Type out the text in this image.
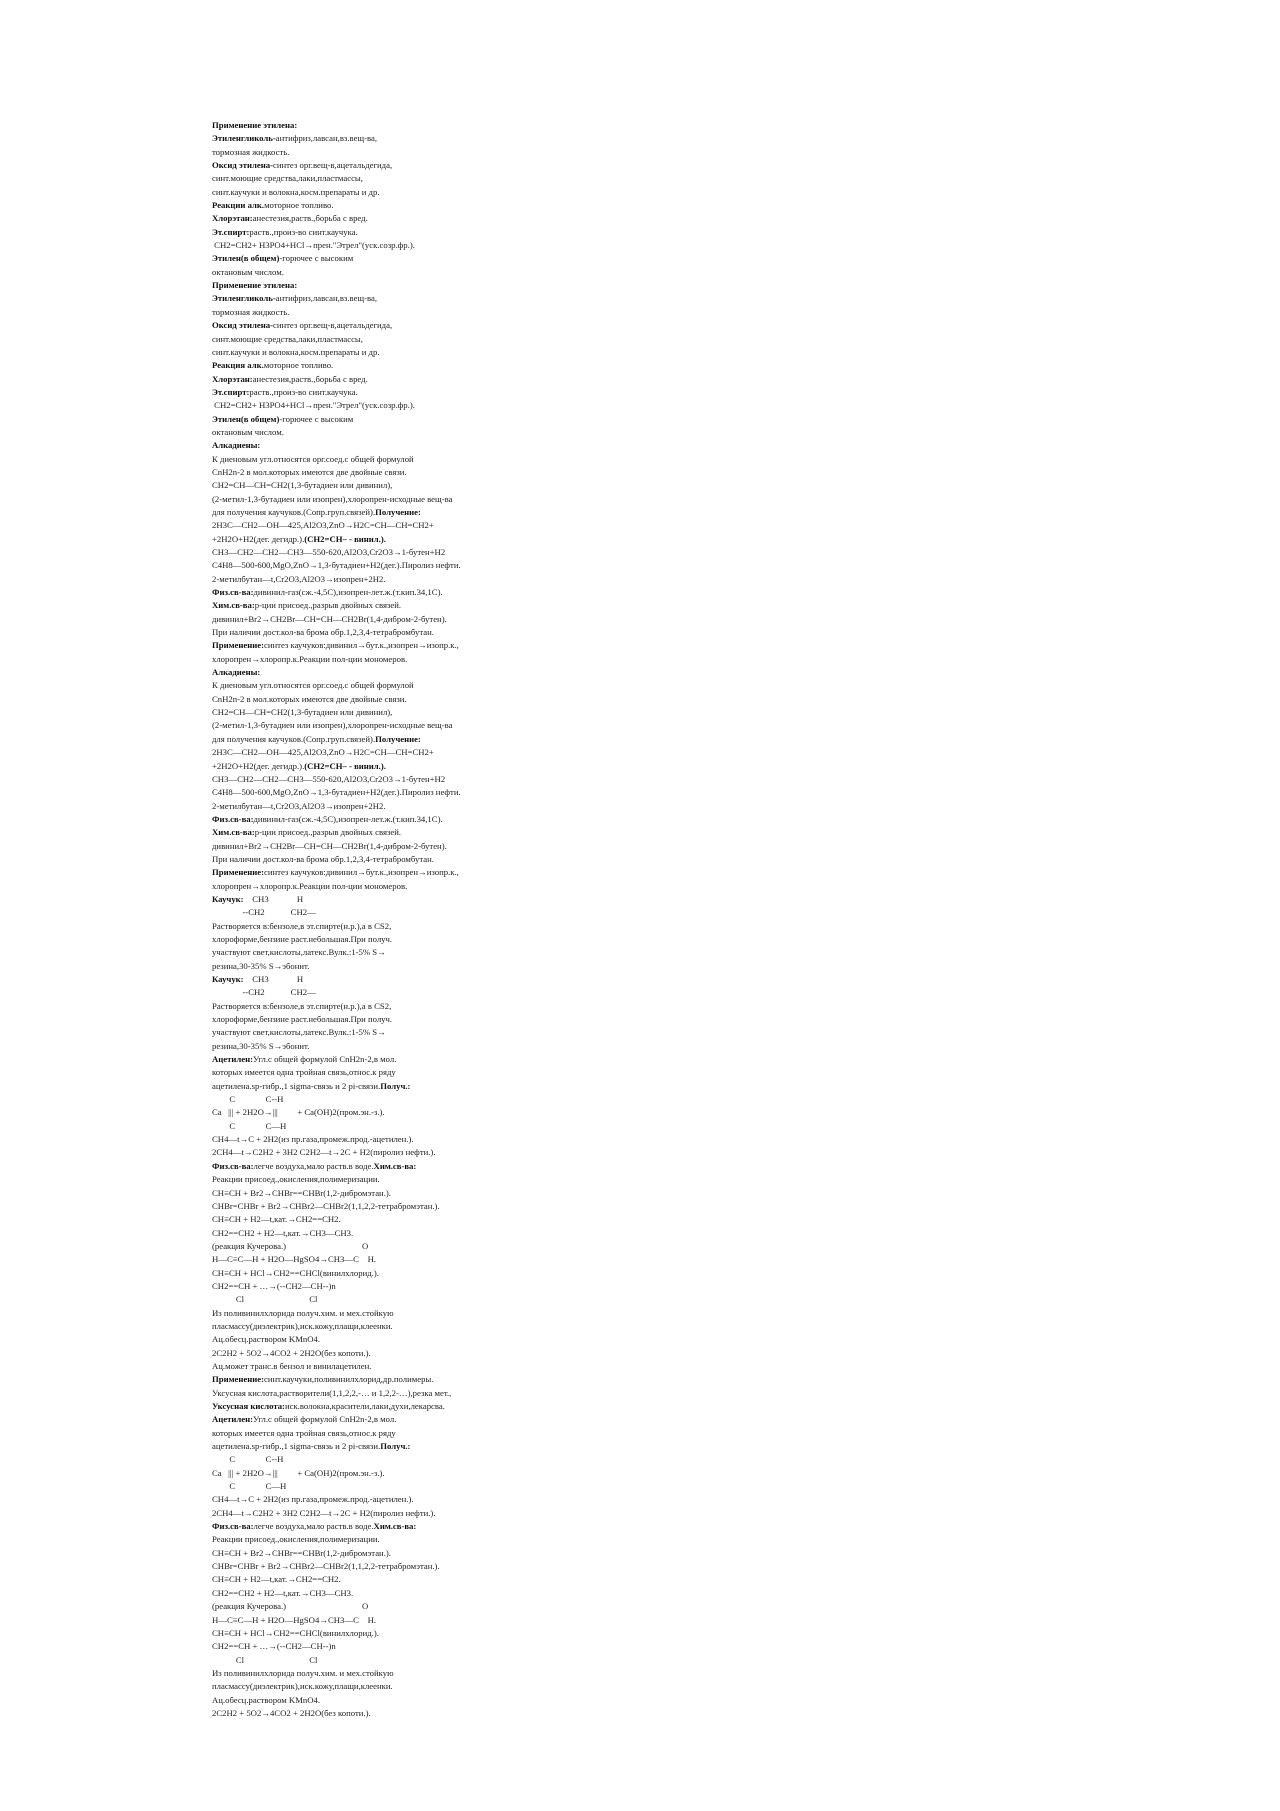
Применение этилена:
Этиленгликоль-антифриз,лавсан,вз.вещ-ва,
тормозная жидкость.
Оксид этилена-синтез орг.вещ-в,ацетальдегида,
синт.моющие средства,лаки,пластмассы,
синт.каучуки и волокна,косм.препараты и др.
Реакции алк.моторное топливо.
Хлорэтан:анестезия,раств.,борьба с вред.
Эт.спирт:раств.,произ-во синт.каучука.
CH2=CH2+ H3PO4+HCl→прен."Этрел"(уск.созр.фр.).
Этилен(в общем)-горючее с высоким
октановым числом.
Применение этилена:
Этиленгликоль-антифриз,лавсан,вз.вещ-ва,
тормозная жидкость.
Оксид этилена-синтез орг.вещ-в,ацетальдегида,
синт.моющие средства,лаки,пластмассы,
синт.каучуки и волокна,косм.препараты и др.
Реакция алк.моторное топливо.
Хлорэтан:анестезия,раств.,борьба с вред.
Эт.спирт:раств.,произ-во синт.каучука.
CH2=CH2+ H3PO4+HCl→прен."Этрел"(уск.созр.фр.).
Этилен(в общем)-горючее с высоким
октановым числом.
Алкадиены:
К диеновым угл.относятся орг.соед.с общей формулой
CnH2n-2 в мол.которых имеются две двойные связи.
CH2=CH—CH=CH2(1,3-бутадиен или дивинил),
(2-метил-1,3-бутадиен или изопрен),хлоропрен-исходные вещ-ва
для получения каучуков.(Сопр.груп.связей).Получение:
2H3C—CH2—OH—425,Al2O3,ZnO→H2C=CH—CH=CH2+
+2H2O+H2(дег. дегидр.).(CH2=CH– - винил.).
CH3—CH2—CH2—CH3—550-620,Al2O3,Cr2O3→1-бутен+H2
C4H8—500-600,MgO,ZnO→1,3-бутадиен+H2(дег.).Пиролиз нефти.
2-метилбутан—t,Cr2O3,Al2O3→изопрен+2H2.
Физ.св-ва:дивинил-газ(сж.-4,5C),изопрен-лет.ж.(т.кип.34,1C).
Хим.св-ва:р-ции присоед.,разрыв двойных связей.
дивинил+Br2→CH2Br—CH=CH—CH2Br(1,4-дибром-2-бутен).
При наличии дост.кол-ва брома обр.1,2,3,4-тетрабромбутан.
Применение:синтез каучуков:дивинил→бут.к.,изопрен→изопр.к.,
хлоропрен→хлоропр.к.Реакции пол-ции мономеров.
Алкадиены:
К диеновым угл.относятся орг.соед.с общей формулой
CnH2n-2 в мол.которых имеются две двойные связи.
CH2=CH—CH=CH2(1,3-бутадиен или дивинил),
(2-метил-1,3-бутадиен или изопрен),хлоропрен-исходные вещ-ва
для получения каучуков.(Сопр.груп.связей).Получение:
2H3C—CH2—OH—425,Al2O3,ZnO→H2C=CH—CH=CH2+
+2H2O+H2(дег. дегидр.).(CH2=CH– - винил.).
CH3—CH2—CH2—CH3—550-620,Al2O3,Cr2O3→1-бутен+H2
C4H8—500-600,MgO,ZnO→1,3-бутадиен+H2(дег.).Пиролиз нефти.
2-метилбутан—t,Cr2O3,Al2O3→изопрен+2H2.
Физ.св-ва:дивинил-газ(сж.-4,5C),изопрен-лет.ж.(т.кип.34,1C).
Хим.св-ва:р-ции присоед.,разрыв двойных связей.
дивинил+Br2→CH2Br—CH=CH—CH2Br(1,4-дибром-2-бутен).
При наличии дост.кол-ва брома обр.1,2,3,4-тетрабромбутан.
Применение:синтез каучуков:дивинил→бут.к.,изопрен→изопр.к.,
хлоропрен→хлоропр.к.Реакции пол-ции мономеров.
Каучук:    CH3             H
--CH2            CH2—
Растворяется в:бензоле,в эт.спирте(н.р.),а в CS2,
хлороформе,бензине раст.небольшая.При получ.
участвуют свет,кислоты,латекс.Вулк.:1-5% S→
резина,30-35% S→эбонит.
Каучук:    CH3             H
--CH2            CH2—
Растворяется в:бензоле,в эт.спирте(н.р.),а в CS2,
хлороформе,бензине раст.небольшая.При получ.
участвуют свет,кислоты,латекс.Вулк.:1-5% S→
резина,30-35% S→эбонит.
Ацетилен:Угл.с общей формулой CnH2n-2,в мол.
которых имеется одна тройная связь,относ.к ряду
ацетилена.sp-гибр.,1 sigma-связь и 2 pi-связи.Получ.:
C              C--H
Ca   ||| + 2H2O→|||         + Ca(OH)2(пром.эн.-з.).
C              C—H
CH4—t→C + 2H2(из пр.газа,промеж.прод.-ацетилен.).
2CH4—t→C2H2 + 3H2 C2H2—t→2C + H2(пиролиз нефти.).
Физ.св-ва:легче воздуха,мало раств.в воде.Хим.св-ва:
Реакции присоед.,окисления,полимеризации.
CH≡CH + Br2→CHBr==CHBr(1,2-дибромэтан.).
CHBr=CHBr + Br2→CHBr2—CHBr2(1,1,2,2-тетрабромэтан.).
CH≡CH + H2—t,кат.→CH2==CH2.
CH2==CH2 + H2—t,кат.→CH3—CH3.
(реакция Кучерова.)                                   O
H—C≡C—H + H2O—HgSO4→CH3—C    H.
CH≡CH + HCl→CH2==CHCl(винилхлорид.).
CH2==CH + …→(--CH2—CH--)n
Cl                              Cl
Из поливинилхлорида получ.хим. и мех.стойкую
пласмассу(диэлектрик),иск.кожу,плащи,клеенки.
Ац.обесц.раствором KMnO4.
2C2H2 + 5O2→4CO2 + 2H2O(без копоти.).
Ац.может транс.в бензол и винилацетилен.
Применение:синт.каучуки,поливинилхлорид,др.полимеры.
Уксусная кислота,растворители(1,1,2,2,-… и 1,2,2-…),резка мет.,
Уксусная кислота:иск.волокна,красители,лаки,духи,лекарсва.
Ацетилен:Угл.с общей формулой CnH2n-2,в мол.
которых имеется одна тройная связь,относ.к ряду
ацетилена.sp-гибр.,1 sigma-связь и 2 pi-связи.Получ.:
C              C--H
Ca   ||| + 2H2O→|||         + Ca(OH)2(пром.эн.-з.).
C              C—H
CH4—t→C + 2H2(из пр.газа,промеж.прод.-ацетилен.).
2CH4—t→C2H2 + 3H2 C2H2—t→2C + H2(пиролиз нефти.).
Физ.св-ва:легче воздуха,мало раств.в воде.Хим.св-ва:
Реакции присоед.,окисления,полимеризации.
CH≡CH + Br2→CHBr==CHBr(1,2-дибромэтан.).
CHBr=CHBr + Br2→CHBr2—CHBr2(1,1,2,2-тетрабромэтан.).
CH≡CH + H2—t,кат.→CH2==CH2.
CH2==CH2 + H2—t,кат.→CH3—CH3.
(реакция Кучерова.)                                   O
H—C≡C—H + H2O—HgSO4→CH3—C    H.
CH≡CH + HCl→CH2==CHCl(винилхлорид.).
CH2==CH + …→(--CH2—CH--)n
Cl                              Cl
Из поливинилхлорида получ.хим. и мех.стойкую
пласмассу(диэлектрик),иск.кожу,плащи,клеенки.
Ац.обесц.раствором KMnO4.
2C2H2 + 5O2→4CO2 + 2H2O(без копоти.).
